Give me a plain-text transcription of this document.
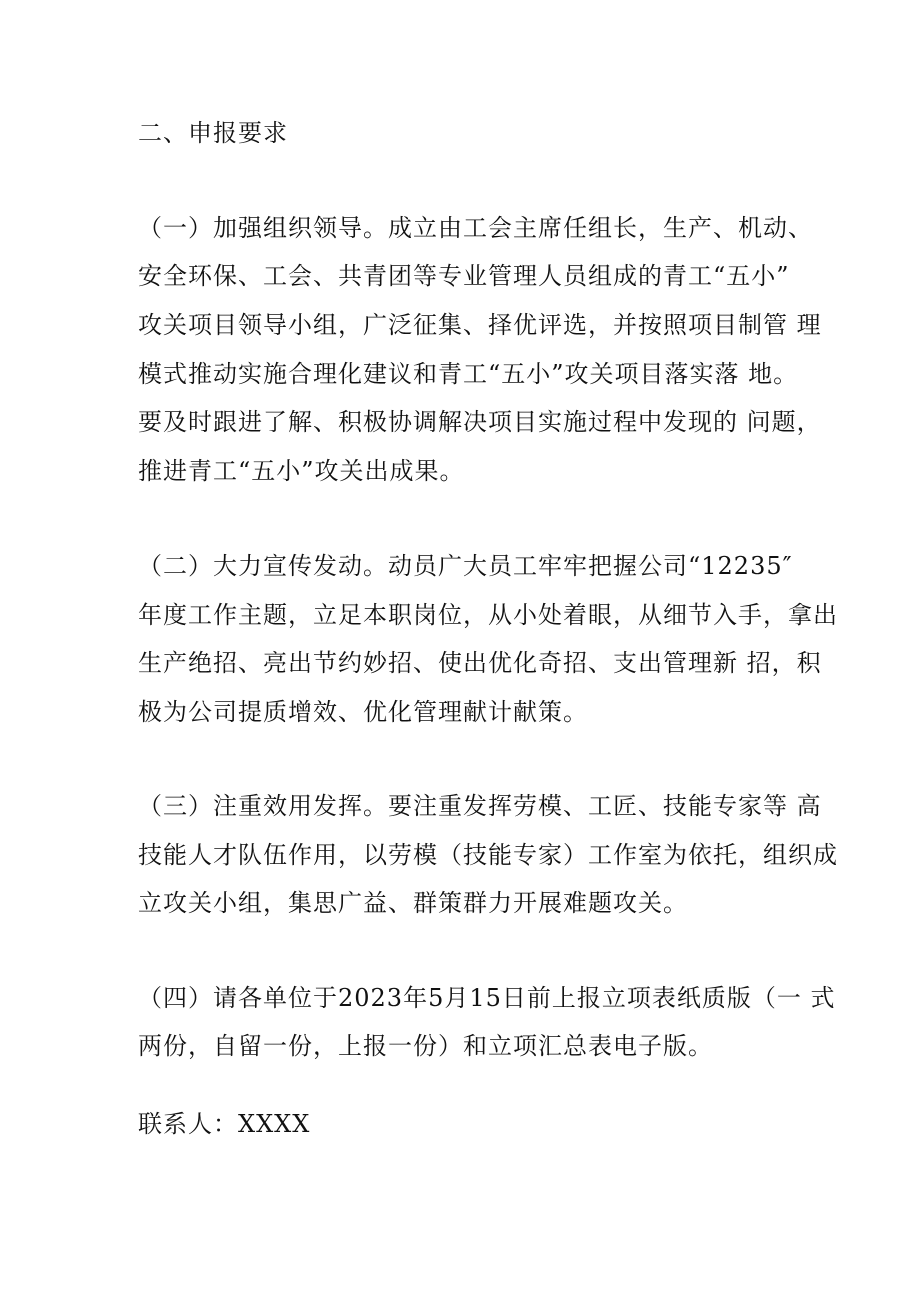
二、申报要求
（一）加强组织领导。成立由工会主席任组长，生产、机动、
安全环保、工会、共青团等专业管理人员组成的青工“五小”
攻关项目领导小组，广泛征集、择优评选，并按照项目制管 理
模式推动实施合理化建议和青工“五小”攻关项目落实落 地。
要及时跟进了解、积极协调解决项目实施过程中发现的 问题，
推进青工“五小”攻关出成果。
（二）大力宣传发动。动员广大员工牢牢把握公司“12235″
年度工作主题，立足本职岗位，从小处着眼，从细节入手，拿出
生产绝招、亮出节约妙招、使出优化奇招、支出管理新 招，积
极为公司提质增效、优化管理献计献策。
（三）注重效用发挥。要注重发挥劳模、工匠、技能专家等 高
技能人才队伍作用，以劳模（技能专家）工作室为依托，组织成
立攻关小组，集思广益、群策群力开展难题攻关。
（四）请各单位于2023年5月15日前上报立项表纸质版（一 式
两份，自留一份，上报一份）和立项汇总表电子版。
联系人：XXXX
